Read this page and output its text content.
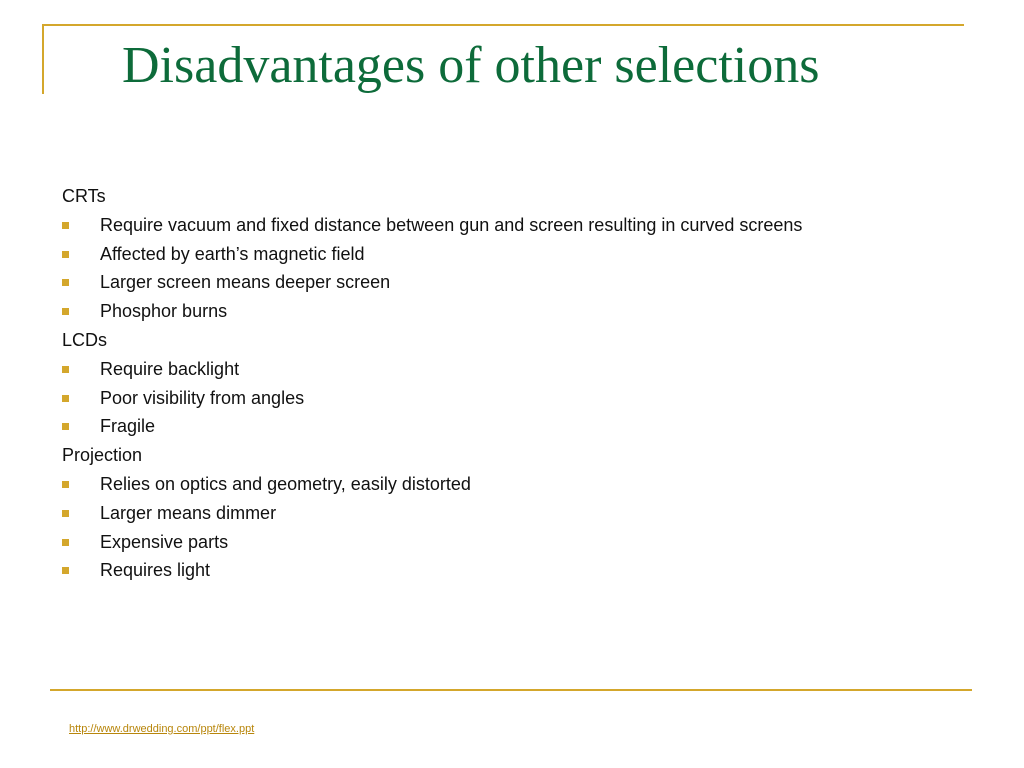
Disadvantages of other selections
CRTs
Require vacuum and fixed distance between gun and screen resulting in curved screens
Affected by earth’s magnetic field
Larger screen means deeper screen
Phosphor burns
LCDs
Require backlight
Poor visibility from angles
Fragile
Projection
Relies on optics and geometry, easily distorted
Larger means dimmer
Expensive parts
Requires light
http://www.drwedding.com/ppt/flex.ppt
